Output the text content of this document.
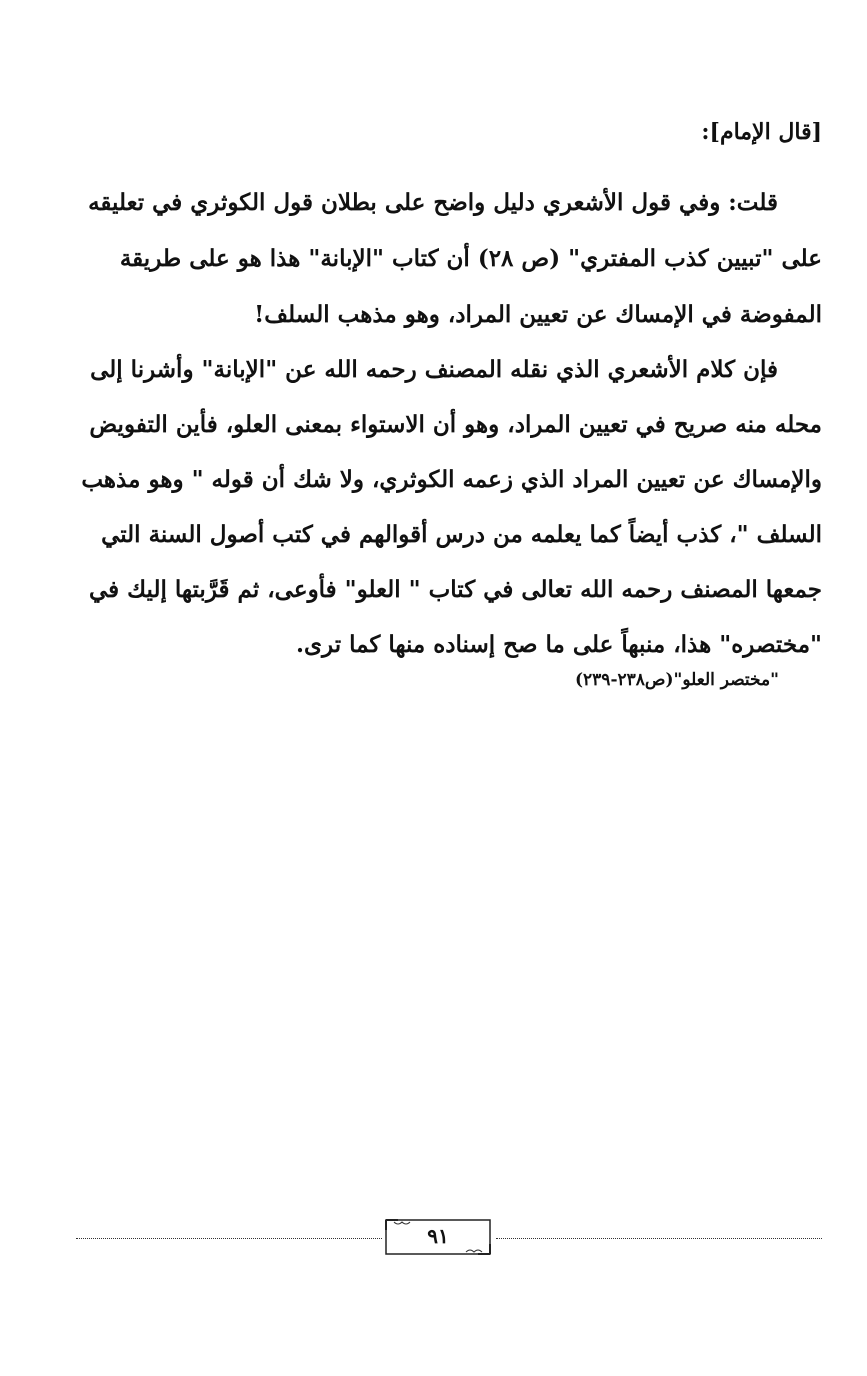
[قال الإمام]:
قلت: وفي قول الأشعري دليل واضح على بطلان قول الكوثري في تعليقه
على "تبيين كذب المفتري" (ص ٢٨) أن كتاب "الإبانة" هذا هو على طريقة
المفوضة في الإمساك عن تعيين المراد، وهو مذهب السلف!
فإن كلام الأشعري الذي نقله المصنف رحمه الله عن "الإبانة" وأشرنا إلى
محله منه صريح في تعيين المراد، وهو أن الاستواء بمعنى العلو، فأين التفويض
والإمساك عن تعيين المراد الذي زعمه الكوثري، ولا شك أن قوله " وهو مذهب
السلف "، كذب أيضاً كما يعلمه من درس أقوالهم في كتب أصول السنة التي
جمعها المصنف رحمه الله تعالى في كتاب " العلو" فأوعى، ثم قَرَّبتها إليك في
"مختصره" هذا، منبهاً على ما صح إسناده منها كما ترى.
"مختصر العلو"(ص٢٣٨-٢٣٩)
٩١
